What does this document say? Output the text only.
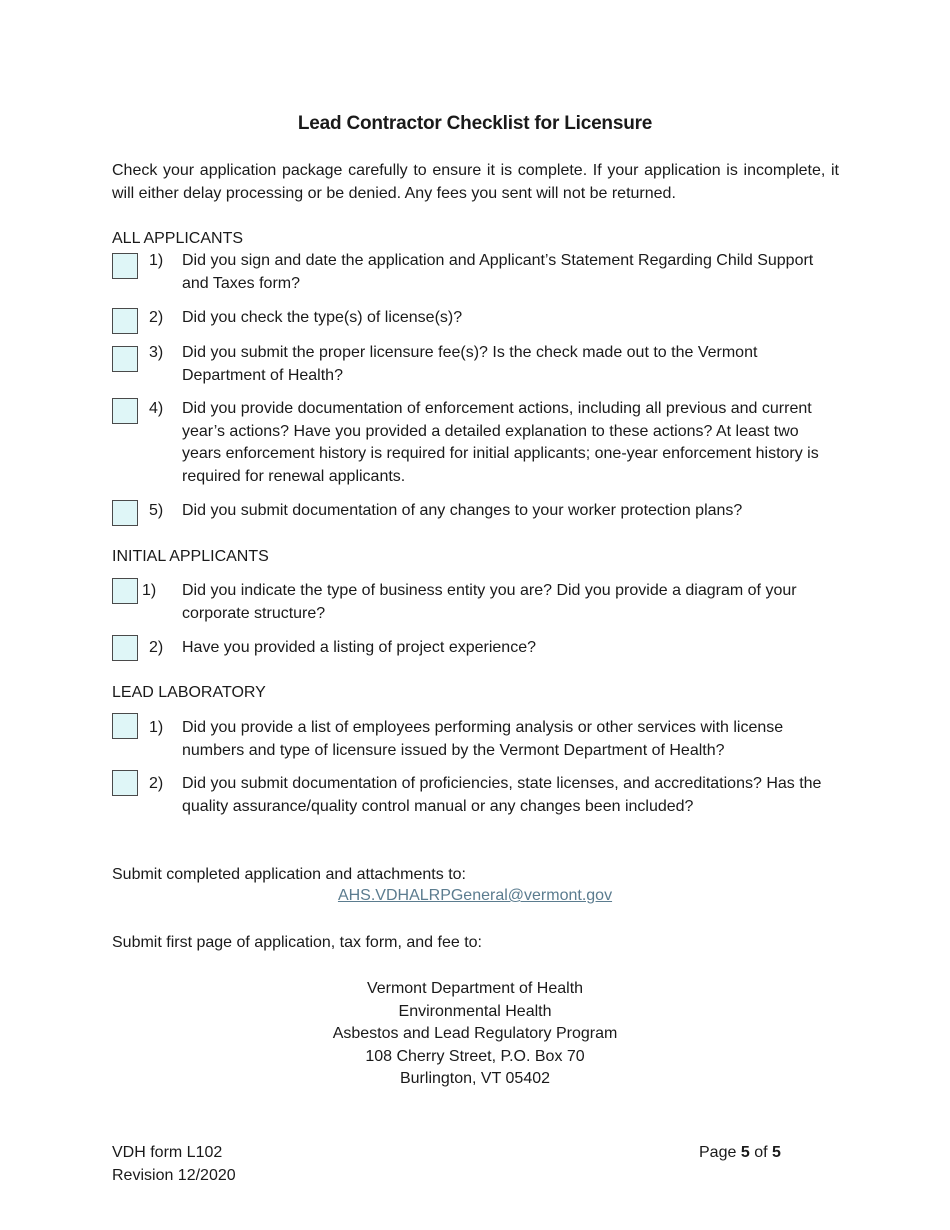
Lead Contractor Checklist for Licensure
Check your application package carefully to ensure it is complete. If your application is incomplete, it will either delay processing or be denied. Any fees you sent will not be returned.
ALL APPLICANTS
1) Did you sign and date the application and Applicant’s Statement Regarding Child Support and Taxes form?
2) Did you check the type(s) of license(s)?
3) Did you submit the proper licensure fee(s)? Is the check made out to the Vermont Department of Health?
4) Did you provide documentation of enforcement actions, including all previous and current year’s actions? Have you provided a detailed explanation to these actions? At least two years enforcement history is required for initial applicants; one-year enforcement history is required for renewal applicants.
5) Did you submit documentation of any changes to your worker protection plans?
INITIAL APPLICANTS
1) Did you indicate the type of business entity you are? Did you provide a diagram of your corporate structure?
2) Have you provided a listing of project experience?
LEAD LABORATORY
1) Did you provide a list of employees performing analysis or other services with license numbers and type of licensure issued by the Vermont Department of Health?
2) Did you submit documentation of proficiencies, state licenses, and accreditations? Has the quality assurance/quality control manual or any changes been included?
Submit completed application and attachments to:
AHS.VDHALRPGeneral@vermont.gov
Submit first page of application, tax form, and fee to:
Vermont Department of Health
Environmental Health
Asbestos and Lead Regulatory Program
108 Cherry Street, P.O. Box 70
Burlington, VT 05402
VDH form L102
Revision 12/2020
Page 5 of 5
